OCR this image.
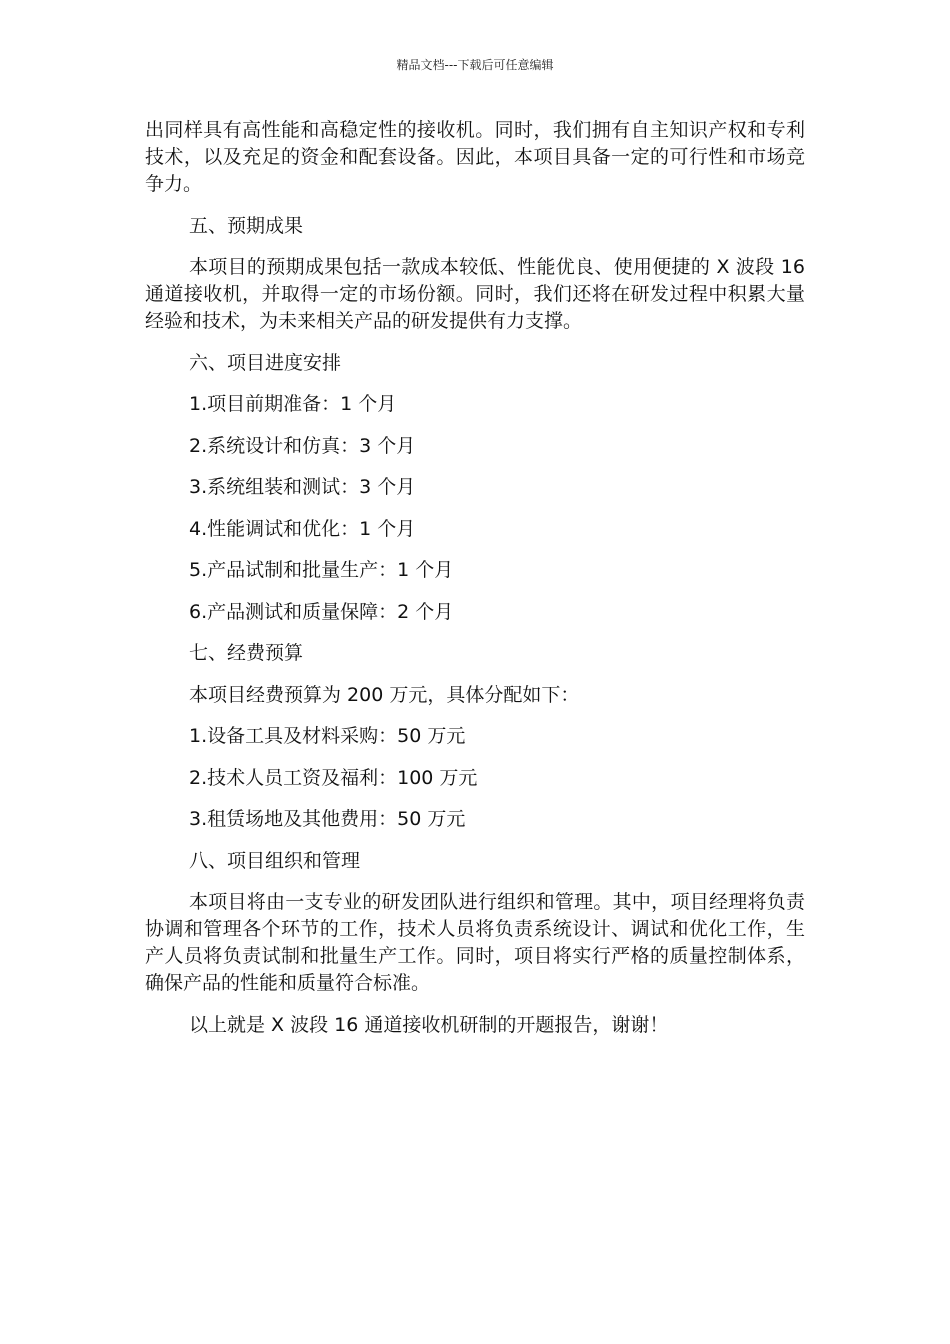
精品文档---下载后可任意编辑

出同样具有高性能和高稳定性的接收机。同时，我们拥有自主知识产权和专利技术，以及充足的资金和配套设备。因此，本项目具备一定的可行性和市场竞争力。

五、预期成果

本项目的预期成果包括一款成本较低、性能优良、使用便捷的 X 波段 16 通道接收机，并取得一定的市场份额。同时，我们还将在研发过程中积累大量经验和技术，为未来相关产品的研发提供有力支撑。

六、项目进度安排

1.项目前期准备：1 个月

2.系统设计和仿真：3 个月

3.系统组装和测试：3 个月

4.性能调试和优化：1 个月

5.产品试制和批量生产：1 个月

6.产品测试和质量保障：2 个月

七、经费预算

本项目经费预算为 200 万元，具体分配如下：

1.设备工具及材料采购：50 万元

2.技术人员工资及福利：100 万元

3.租赁场地及其他费用：50 万元

八、项目组织和管理

本项目将由一支专业的研发团队进行组织和管理。其中，项目经理将负责协调和管理各个环节的工作，技术人员将负责系统设计、调试和优化工作，生产人员将负责试制和批量生产工作。同时，项目将实行严格的质量控制体系，确保产品的性能和质量符合标准。

以上就是 X 波段 16 通道接收机研制的开题报告，谢谢！
